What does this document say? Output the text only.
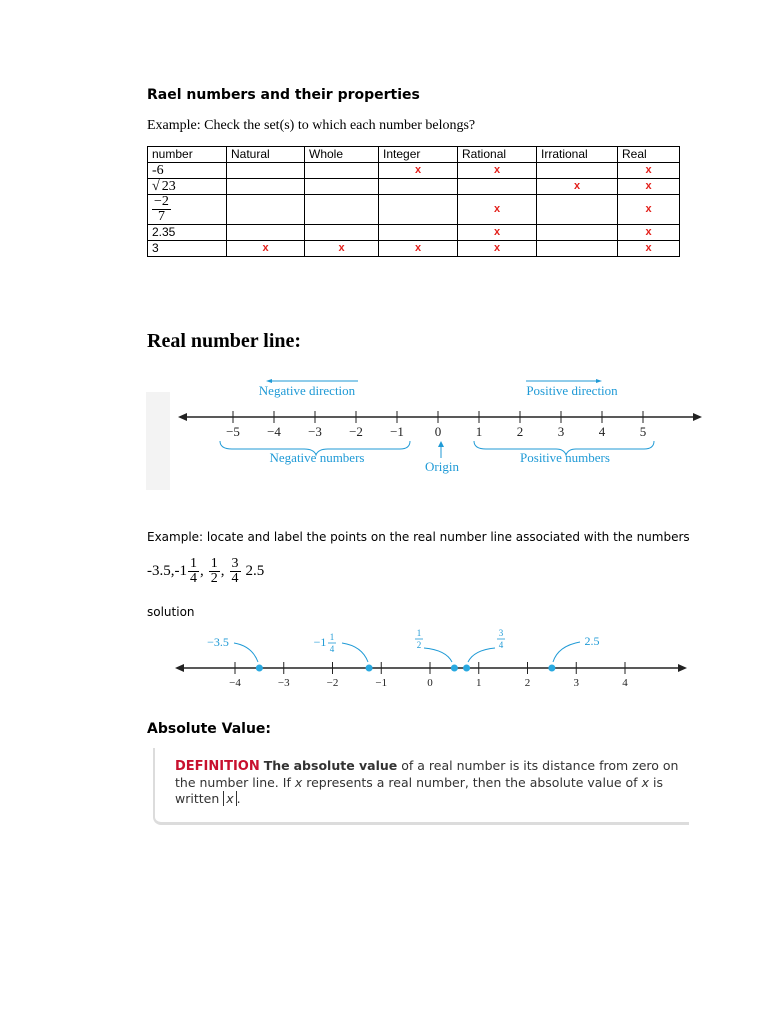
Rael numbers and their properties
Example: Check the set(s) to which each number belongs?
number	Natural	Whole	Integer	Rational	Irrational	Real
-6			x	x		x
√ 23					x	x

$\frac{-2}{7}$				x		x
2.35				x		x
3	x	x	x	x		x
Real number line:
−5 −4 −3 −2 −1 0	1	2	3	4	5
Negative direction	Positive direction
Negative numbers	Positive numbers
Origin
Example: locate and label the points on the real number line associated with the numbers
-3.5, $-1 \frac{1}{4}$ , $\frac{1}{2}$ , $\frac{3}{4} 2.5$
solution
−4	−3	−2	−1	0	1	2	3	4
−3.5	−1 1
4
1
2
3
4	2.5
Absolute Value:
DEFINITION The absolute value of a real number is its distance from zero on the number line. If x represents a real number, then the absolute value of x is written x .
